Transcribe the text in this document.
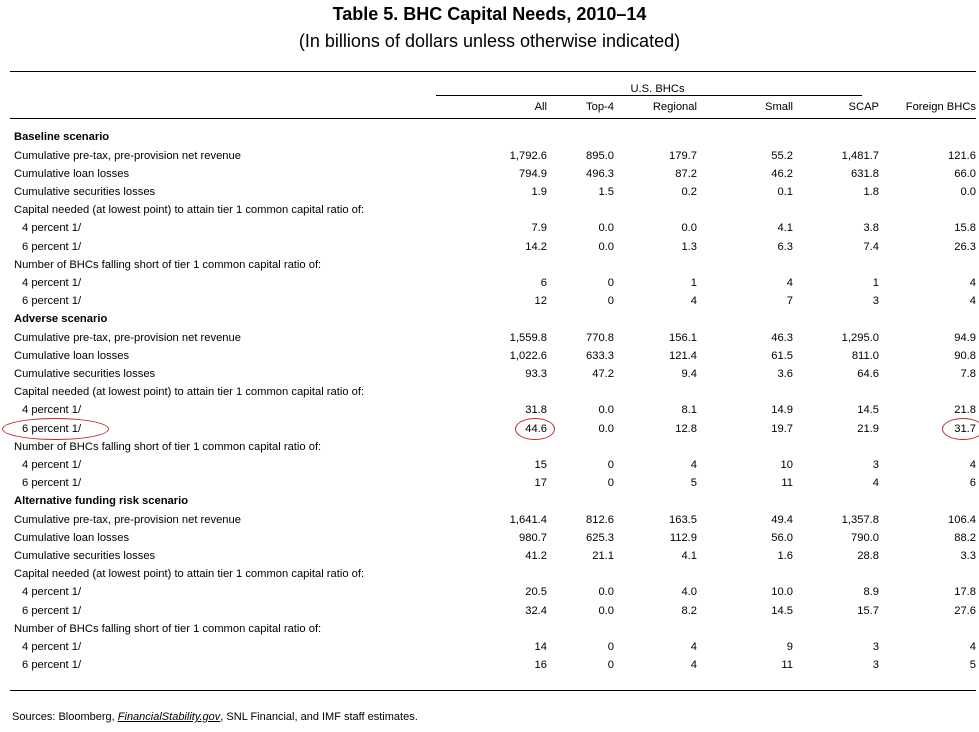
Table 5. BHC Capital Needs, 2010–14
(In billions of dollars unless otherwise indicated)
	U.S. BHCs					
	All	Top-4	Regional	Small	SCAP	Foreign BHCs

Baseline scenario						
Cumulative pre-tax, pre-provision net revenue	1,792.6	895.0	179.7	55.2	1,481.7	121.6
Cumulative loan losses	794.9	496.3	87.2	46.2	631.8	66.0
Cumulative securities losses	1.9	1.5	0.2	0.1	1.8	0.0
Capital needed (at lowest point) to attain tier 1 common capital ratio of:						
4 percent 1/	7.9	0.0	0.0	4.1	3.8	15.8
6 percent 1/	14.2	0.0	1.3	6.3	7.4	26.3
Number of BHCs falling short of tier 1 common capital ratio of:						
4 percent 1/	6	0	1	4	1	4
6 percent 1/	12	0	4	7	3	4
Adverse scenario						
Cumulative pre-tax, pre-provision net revenue	1,559.8	770.8	156.1	46.3	1,295.0	94.9
Cumulative loan losses	1,022.6	633.3	121.4	61.5	811.0	90.8
Cumulative securities losses	93.3	47.2	9.4	3.6	64.6	7.8
Capital needed (at lowest point) to attain tier 1 common capital ratio of:						
4 percent 1/	31.8	0.0	8.1	14.9	14.5	21.8
6 percent 1/	44.6	0.0	12.8	19.7	21.9	31.7
Number of BHCs falling short of tier 1 common capital ratio of:						
4 percent 1/	15	0	4	10	3	4
6 percent 1/	17	0	5	11	4	6
Alternative funding risk scenario						
Cumulative pre-tax, pre-provision net revenue	1,641.4	812.6	163.5	49.4	1,357.8	106.4
Cumulative loan losses	980.7	625.3	112.9	56.0	790.0	88.2
Cumulative securities losses	41.2	21.1	4.1	1.6	28.8	3.3
Capital needed (at lowest point) to attain tier 1 common capital ratio of:						
4 percent 1/	20.5	0.0	4.0	10.0	8.9	17.8
6 percent 1/	32.4	0.0	8.2	14.5	15.7	27.6
Number of BHCs falling short of tier 1 common capital ratio of:						
4 percent 1/	14	0	4	9	3	4
6 percent 1/	16	0	4	11	3	5
Sources: Bloomberg, FinancialStability.gov, SNL Financial, and IMF staff estimates.
